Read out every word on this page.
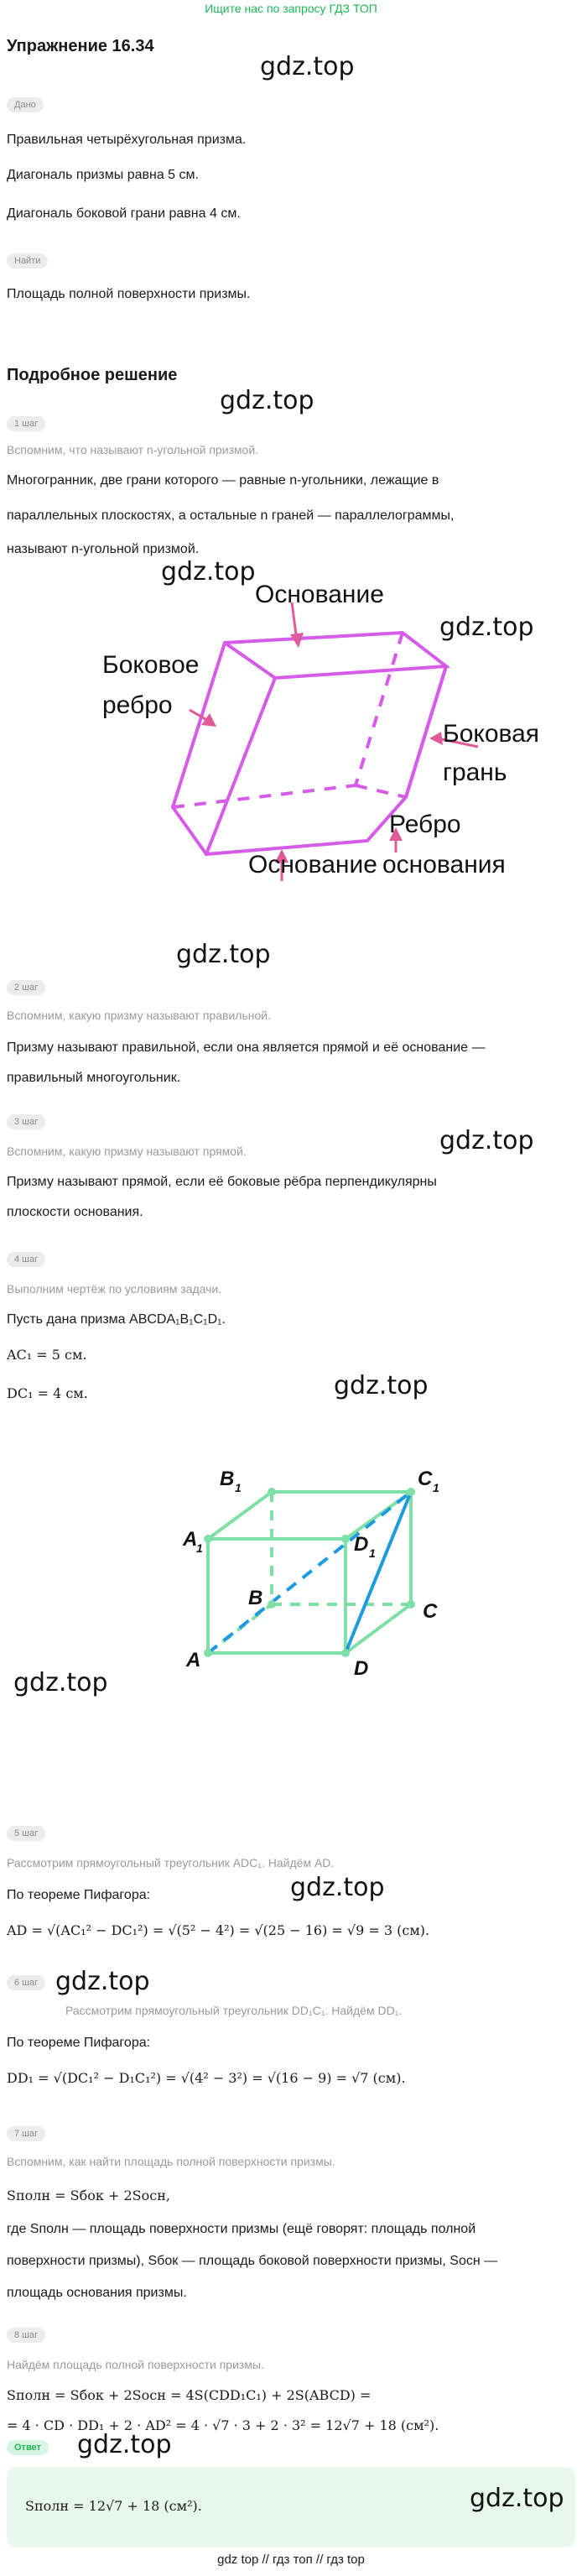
Ищите нас по запросу ГДЗ ТОП
Упражнение 16.34
gdz.top
Дано
Правильная четырёхугольная призма.
Диагональ призмы равна 5 см.
Диагональ боковой грани равна 4 см.
Найти
Площадь полной поверхности призмы.
Подробное решение
gdz.top
1 шаг
Вспомним, что называют n-угольной призмой.
Многогранник, две грани которого — равные n-угольники, лежащие в
параллельных плоскостях, а остальные n граней — параллелограммы,
называют n-угольной призмой.
gdz.top
gdz.top
Основание
Боковое
ребро
Боковая
грань
Ребро
основания
Основание
gdz.top
2 шаг
Вспомним, какую призму называют правильной.
Призму называют правильной, если она является прямой и её основание —
правильный многоугольник.
3 шаг
Вспомним, какую призму называют прямой.	gdz.top
Призму называют прямой, если её боковые рёбра перпендикулярны
плоскости основания.
4 шаг
Выполним чертёж по условиям задачи.
Пусть дана призма ABCDA₁B₁C₁D₁.
AC₁ = 5 см.
DC₁ = 4 см.	gdz.top
B 1	C 1
A
1	D 1
B
C
A	D
gdz.top
5 шаг
Рассмотрим прямоугольный треугольник ADC₁. Найдём AD.
gdz.top
По теореме Пифагора:
AD = √(AC₁² − DC₁²) = √(5² − 4²) = √(25 − 16) = √9 = 3 (см).
6 шаг gdz.top
Рассмотрим прямоугольный треугольник DD₁C₁. Найдём DD₁.
По теореме Пифагора:
DD₁ = √(DC₁² − D₁C₁²) = √(4² − 3²) = √(16 − 9) = √7 (см).
7 шаг
Вспомним, как найти площадь полной поверхности призмы.
Sполн = Sбок + 2Sосн,
где Sполн — площадь поверхности призмы (ещё говорят: площадь полной
поверхности призмы), Sбок — площадь боковой поверхности призмы, Sосн —
площадь основания призмы.
8 шаг
Найдём площадь полной поверхности призмы.
Sполн = Sбок + 2Sосн = 4S(CDD₁C₁) + 2S(ABCD) =
= 4 · CD · DD₁ + 2 · AD² = 4 · √7 · 3 + 2 · 3² = 12√7 + 18 (см²).
Ответ	gdz.top
Sполн = 12√7 + 18 (см²).	gdz.top
gdz top // гдз топ // гдз top
